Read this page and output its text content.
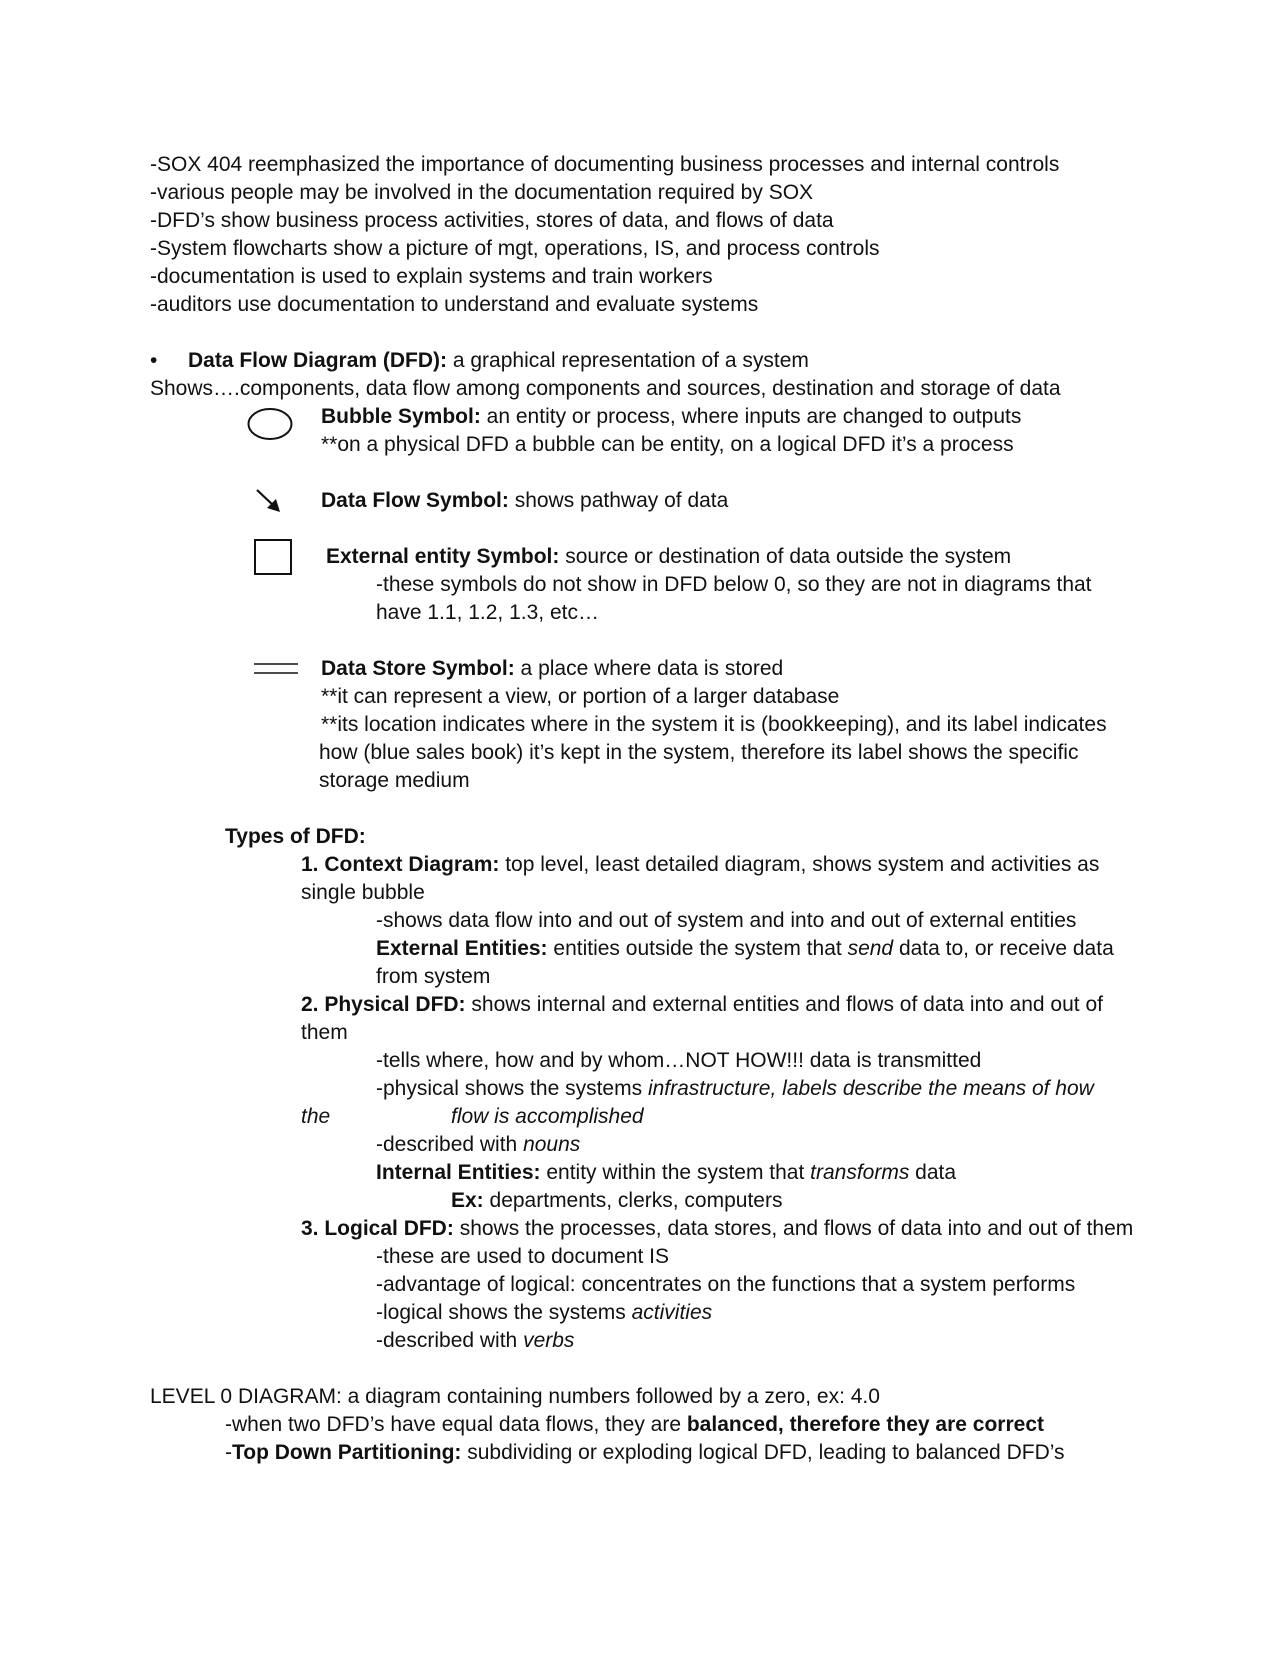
-SOX 404 reemphasized the importance of documenting business processes and internal controls
-various people may be involved in the documentation required by SOX
-DFD’s show business process activities, stores of data, and flows of data
-System flowcharts show a picture of mgt, operations, IS, and process controls
-documentation is used to explain systems and train workers
-auditors use documentation to understand and evaluate systems
• Data Flow Diagram (DFD): a graphical representation of a system
Shows….components, data flow among components and sources, destination and storage of data
Bubble Symbol: an entity or process, where inputs are changed to outputs
**on a physical DFD a bubble can be entity, on a logical DFD it’s a process
Data Flow Symbol: shows pathway of data
External entity Symbol: source or destination of data outside the system
-these symbols do not show in DFD below 0, so they are not in diagrams that
have 1.1, 1.2, 1.3, etc…
Data Store Symbol: a place where data is stored
**it can represent a view, or portion of a larger database
**its location indicates where in the system it is (bookkeeping), and its label indicates
how (blue sales book) it’s kept in the system, therefore its label shows the specific
storage medium
Types of DFD:
1. Context Diagram: top level, least detailed diagram, shows system and activities as
single bubble
-shows data flow into and out of system and into and out of external entities
External Entities: entities outside the system that send data to, or receive data
from system
2. Physical DFD: shows internal and external entities and flows of data into and out of
them
-tells where, how and by whom…NOT HOW!!! data is transmitted
-physical shows the systems infrastructure, labels describe the means of how
the	flow is accomplished
-described with nouns
Internal Entities: entity within the system that transforms data
Ex: departments, clerks, computers
3. Logical DFD: shows the processes, data stores, and flows of data into and out of them
-these are used to document IS
-advantage of logical: concentrates on the functions that a system performs
-logical shows the systems activities
-described with verbs
LEVEL 0 DIAGRAM: a diagram containing numbers followed by a zero, ex: 4.0
-when two DFD’s have equal data flows, they are balanced, therefore they are correct
-Top Down Partitioning: subdividing or exploding logical DFD, leading to balanced DFD’s
